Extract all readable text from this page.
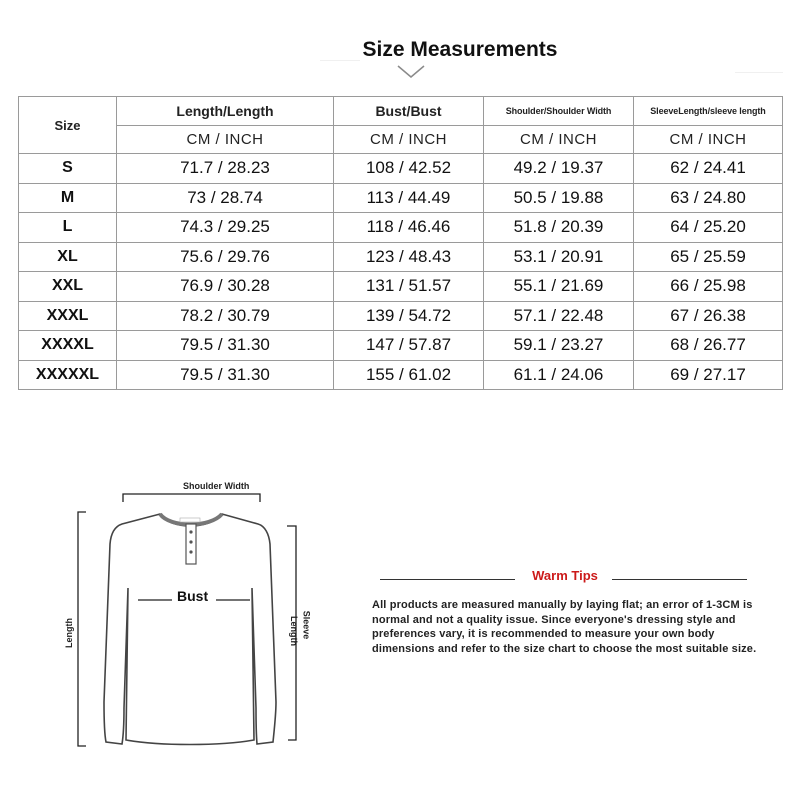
Size Measurements
Size	Length/Length	Bust/Bust	Shoulder/Shoulder Width	SleeveLength/sleeve length
	CM / INCH	CM / INCH	CM / INCH	CM / INCH
S	71.7 / 28.23	108 / 42.52	49.2 / 19.37	62 / 24.41
M	73 / 28.74	113 / 44.49	50.5 / 19.88	63 / 24.80
L	74.3 / 29.25	118 / 46.46	51.8 / 20.39	64 / 25.20
XL	75.6 / 29.76	123 / 48.43	53.1 / 20.91	65 / 25.59
XXL	76.9 / 30.28	131 / 51.57	55.1 / 21.69	66 / 25.98
XXXL	78.2 / 30.79	139 / 54.72	57.1 / 22.48	67 / 26.38
XXXXL	79.5 / 31.30	147 / 57.87	59.1 / 23.27	68 / 26.77
XXXXXL	79.5 / 31.30	155 / 61.02	61.1 / 24.06	69 / 27.17
Shoulder Width
Length	Sleeve
Length
Bust
Warm Tips
All products are measured manually by laying flat; an error of 1-3CM is normal and not a quality issue. Since everyone's dressing style and preferences vary, it is recommended to measure your own body dimensions and refer to the size chart to choose the most suitable size.
